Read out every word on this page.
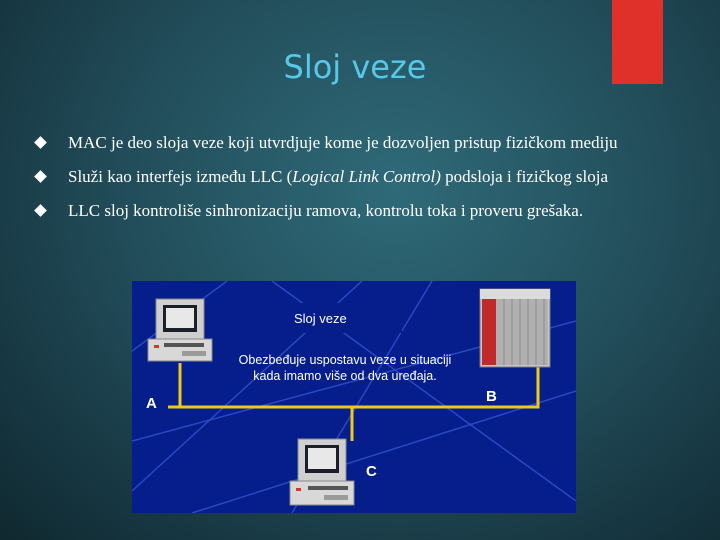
Sloj veze
MAC je deo sloja veze koji utvrdjuje kome je dozvoljen pristup fizičkom mediju
Služi kao interfejs između LLC (Logical Link Control) podsloja i fizičkog sloja
LLC sloj kontroliše sinhronizaciju ramova, kontrolu toka i proveru grešaka.
Sloj veze
Obezbeđuje uspostavu veze u situaciji kada imamo više od dva uređaja.
A	B
C
